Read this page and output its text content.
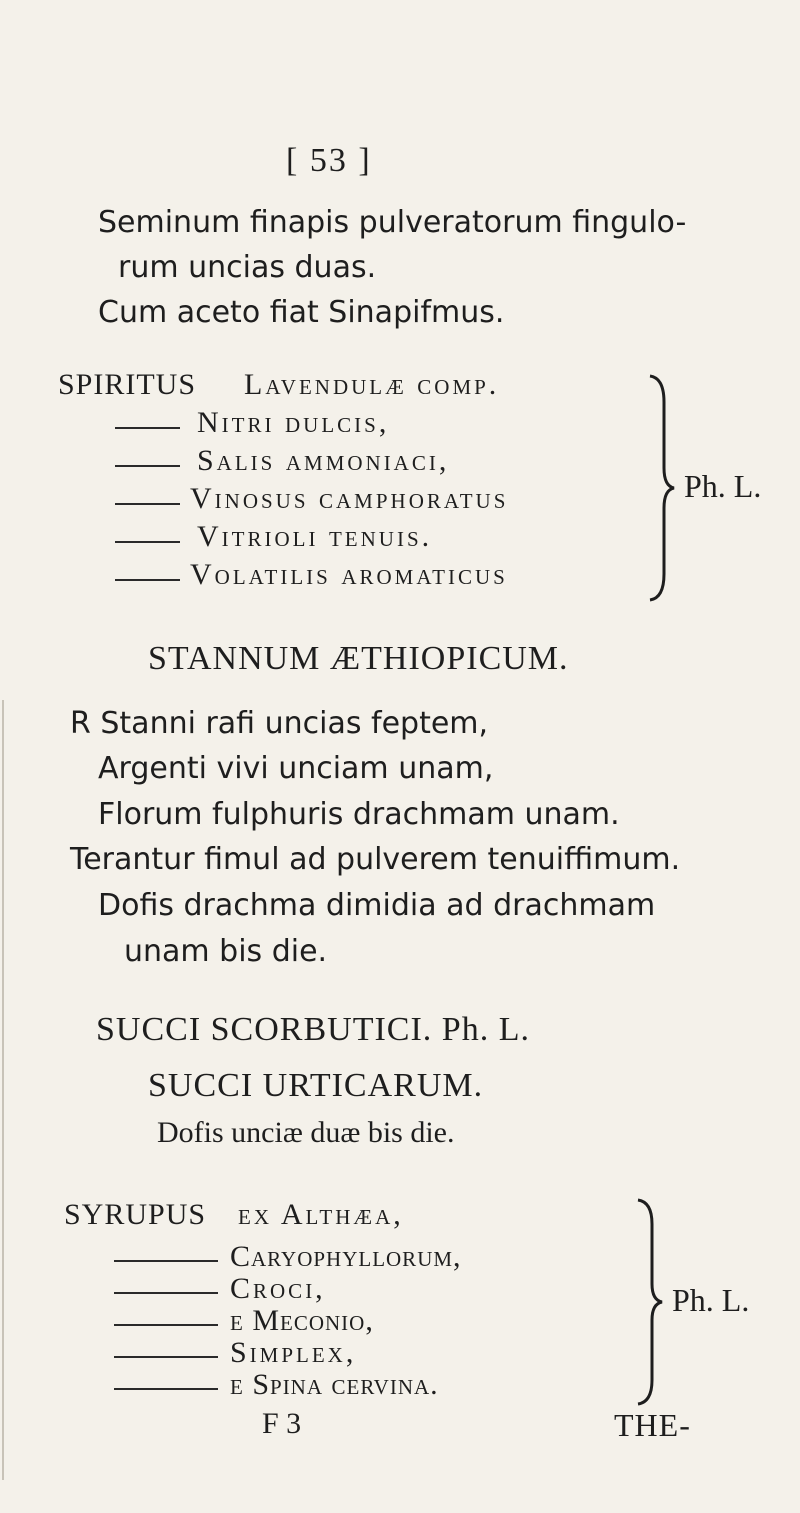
[ 53 ]
Seminum finapis pulveratorum fingulo-
rum uncias duas.
Cum aceto fiat Sinapifmus.
SPIRITUS Lavendulæ comp.
Nitri dulcis,
Salis ammoniaci,
Vinosus camphoratus
Vitrioli tenuis.
Volatilis aromaticus
Ph. L.
STANNUM ÆTHIOPICUM.
R Stanni rafi uncias feptem,
Argenti vivi unciam unam,
Florum fulphuris drachmam unam.
Terantur fimul ad pulverem tenuiffimum.
Dofis drachma dimidia ad drachmam
unam bis die.
SUCCI SCORBUTICI. Ph. L.
SUCCI URTICARUM.
Dofis unciæ duæ bis die.
SYRUPUS ex Althæa,
Caryophyllorum,
Croci,
e Meconio,
Simplex,
e Spina cervina.
Ph. L.
F 3	THE-
